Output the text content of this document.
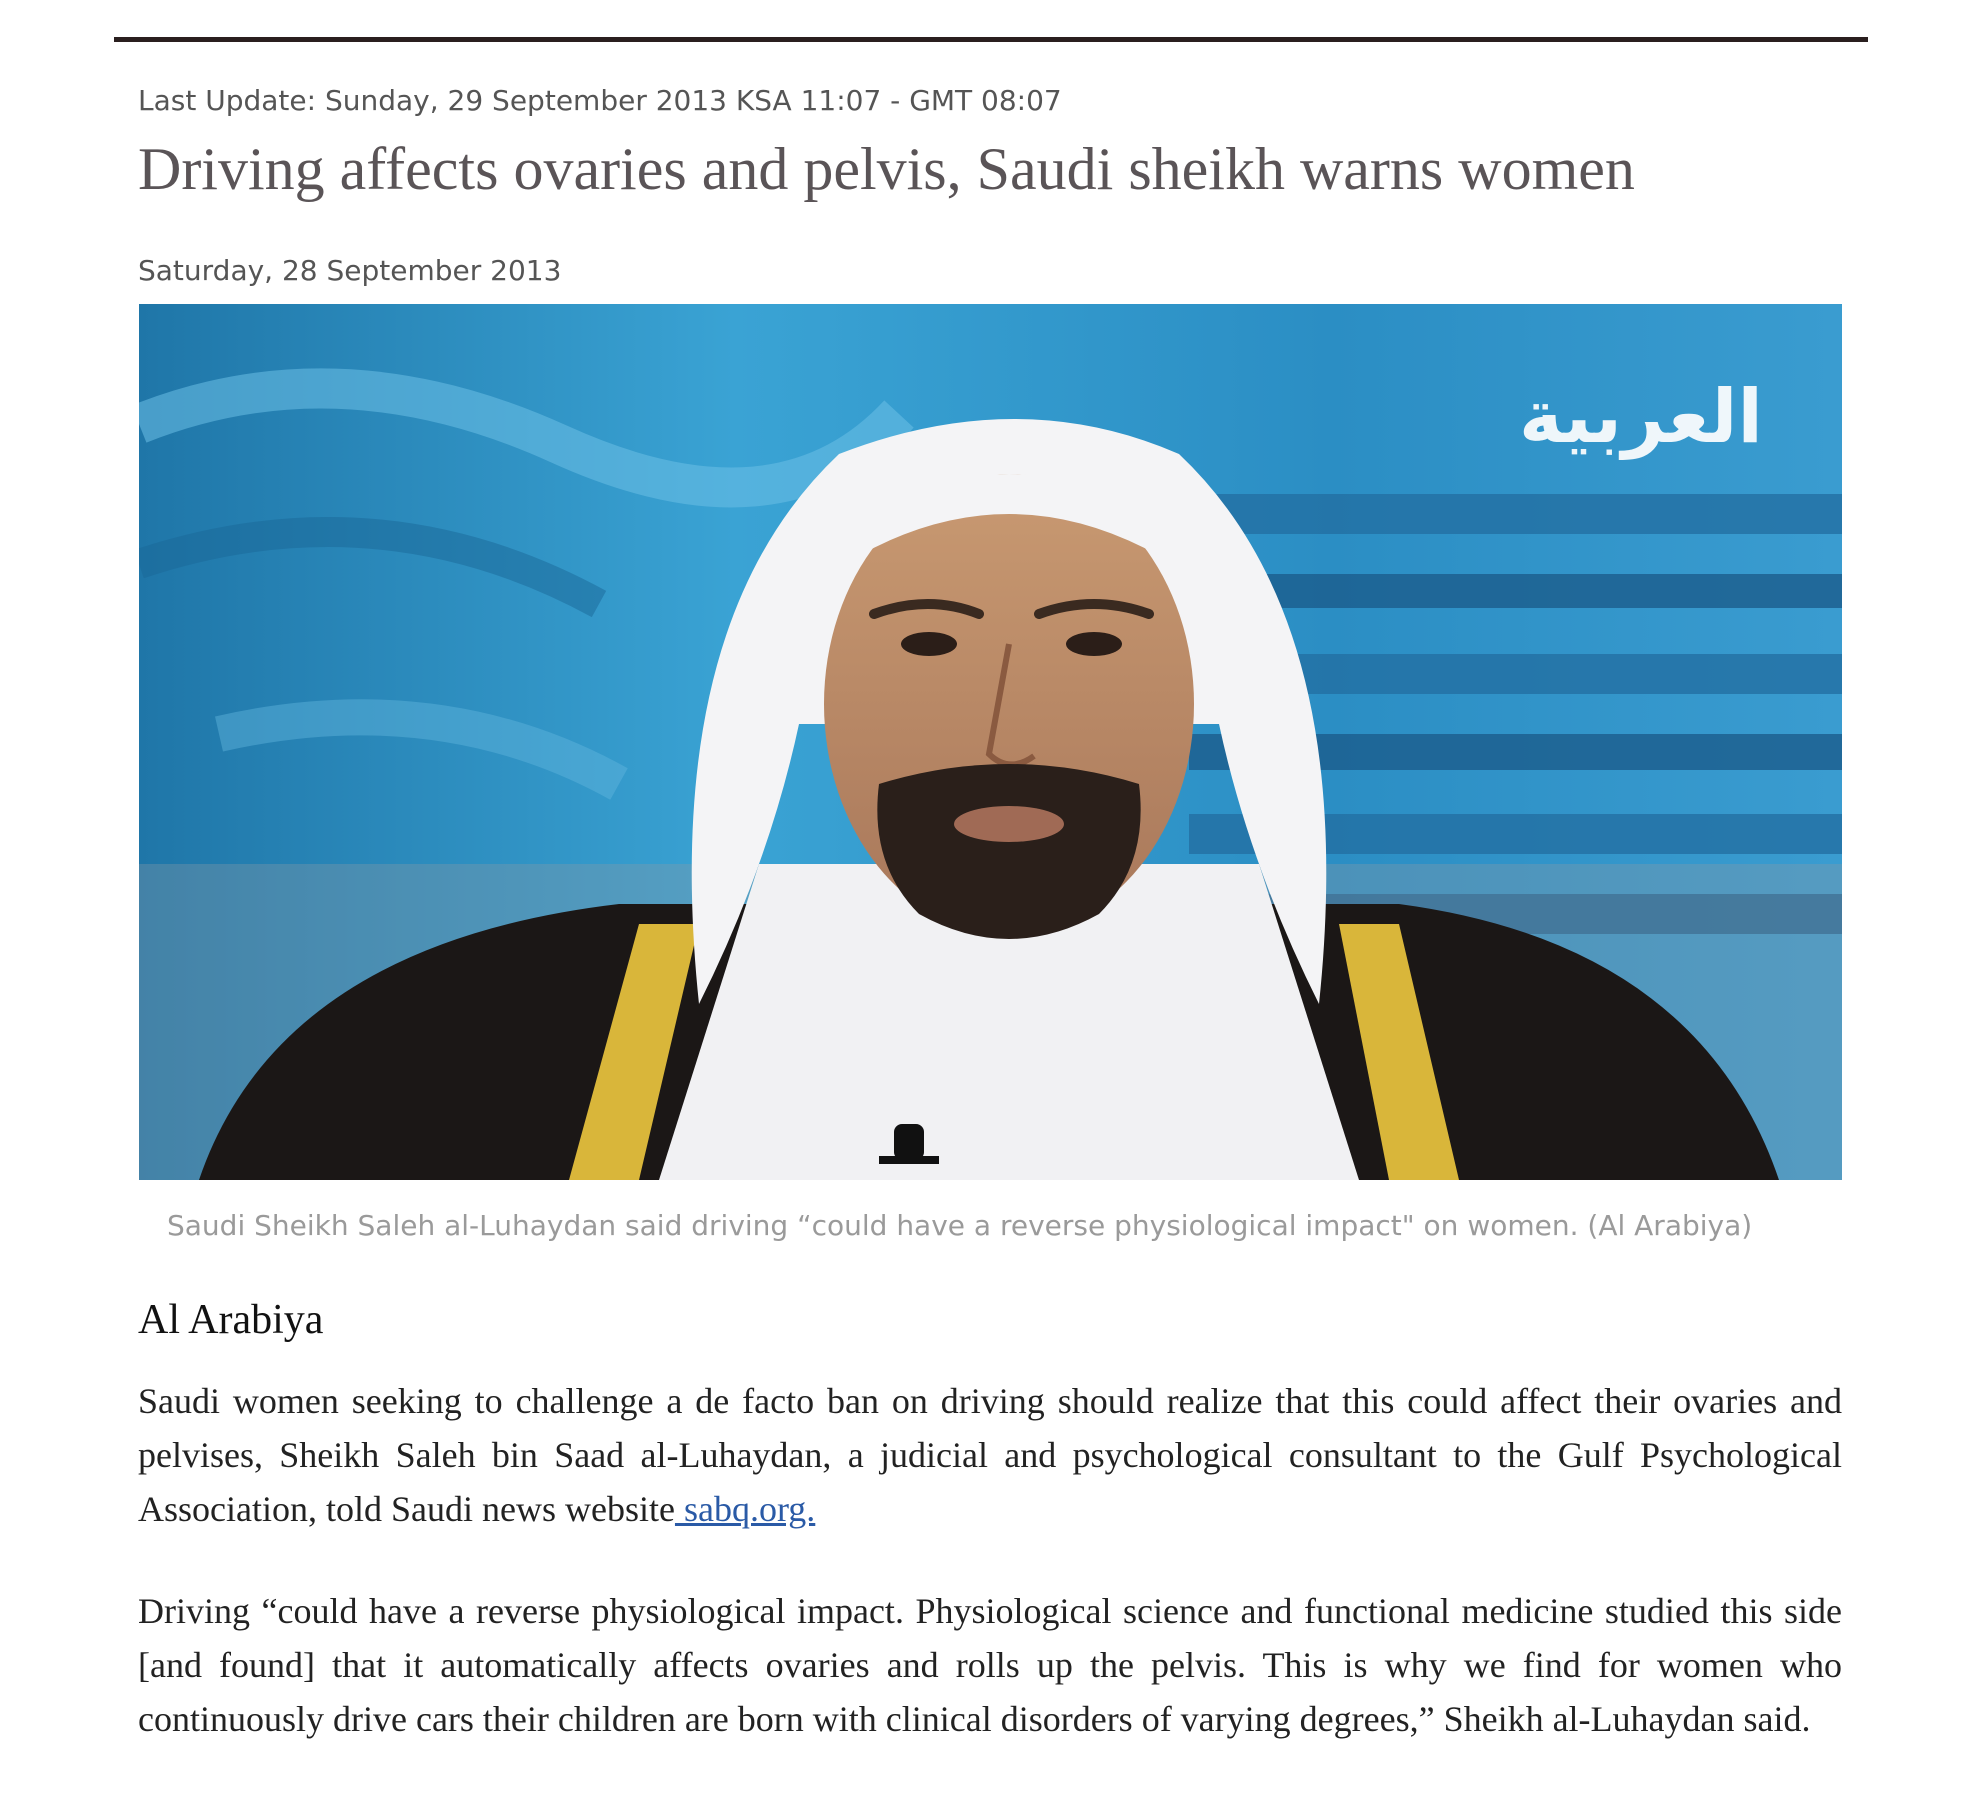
Last Update: Sunday, 29 September 2013 KSA 11:07 - GMT 08:07
Driving affects ovaries and pelvis, Saudi sheikh warns women
Saturday, 28 September 2013
العربية
Saudi Sheikh Saleh al-Luhaydan said driving “could have a reverse physiological impact" on women. (Al Arabiya)
Al Arabiya

Saudi women seeking to challenge a de facto ban on driving should realize that this could affect their ovaries and pelvises, Sheikh Saleh bin Saad al-Luhaydan, a judicial and psychological consultant to the Gulf Psychological Association, told Saudi news website sabq.org.

Driving “could have a reverse physiological impact. Physiological science and functional medicine studied this side [and found] that it automatically affects ovaries and rolls up the pelvis. This is why we find for women who continuously drive cars their children are born with clinical disorders of varying degrees,” Sheikh al-Luhaydan said.
